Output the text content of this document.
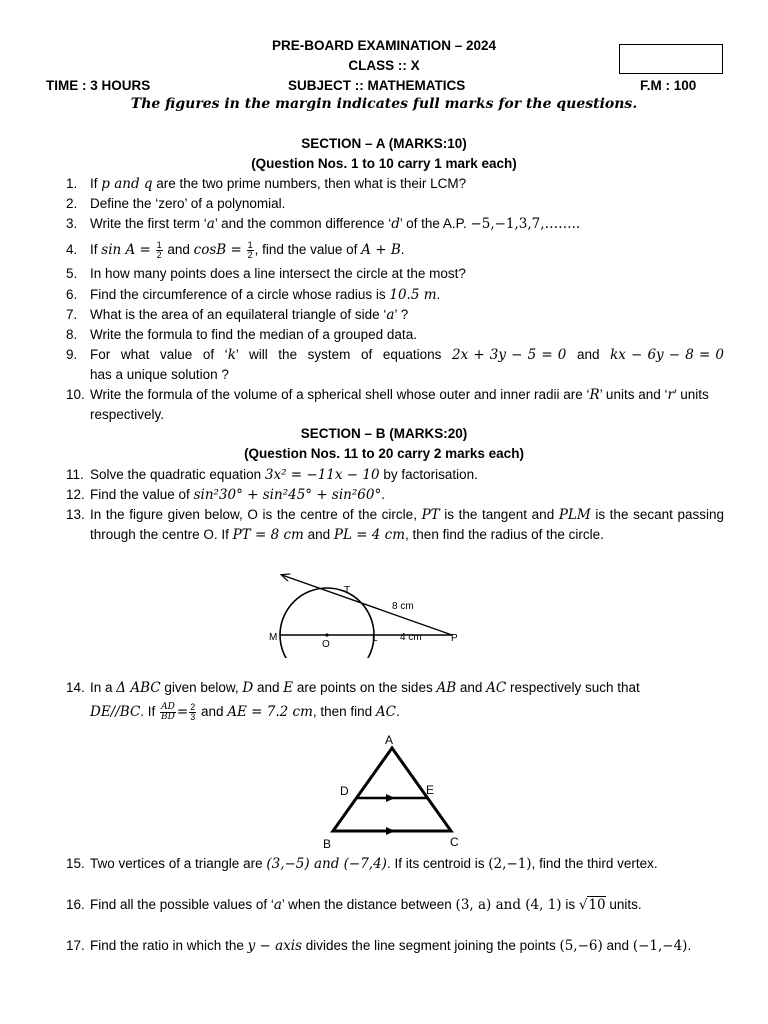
PRE-BOARD EXAMINATION – 2024
CLASS :: X
TIME : 3 HOURS	SUBJECT :: MATHEMATICS	F.M : 100
The figures in the margin indicates full marks for the questions.
SECTION – A (MARKS:10)
(Question Nos. 1 to 10 carry 1 mark each)
1. If p and q are the two prime numbers, then what is their LCM?
2. Define the ‘zero’ of a polynomial.
3. Write the first term ‘a’ and the common difference ‘d’ of the A.P. −5,−1,3,7,……..
4. If $\sin A = \frac{1}{2}$ and $\cos B = \frac{1}{2}$ , find the value of A + B.
5. In how many points does a line intersect the circle at the most?
6. Find the circumference of a circle whose radius is 10.5 m.
7. What is the area of an equilateral triangle of side ‘a’ ?
8. Write the formula to find the median of a grouped data.
9. For what value of ‘k’ will the system of equations 2x + 3y − 5 = 0 and kx − 6y − 8 = 0 has a unique solution ?
10. Write the formula of the volume of a spherical shell whose outer and inner radii are ‘R’ units and ‘r’ units respectively.
SECTION – B (MARKS:20)
(Question Nos. 11 to 20 carry 2 marks each)
11. Solve the quadratic equation 3x² = −11x − 10 by factorisation.
12. Find the value of sin²30° + sin²45° + sin²60°.
13. In the figure given below, O is the centre of the circle, PT is the tangent and PLM is the secant passing through the centre O. If PT = 8 cm and PL = 4 cm, then find the radius of the circle.
T
M
O
L	P
8 cm
4 cm
14. In a Δ ABC given below, D and E are points on the sides AB and AC respectively such that
DE//BC. If $\frac{AD}{BD} = \frac{2}{3}$ and AE = 7.2 cm, then find AC.
A
D	E
B	C
15. Two vertices of a triangle are (3,−5) and (−7,4). If its centroid is (2,−1), find the third vertex.
16. Find all the possible values of ‘a’ when the distance between (3, a) and (4, 1) is √10 units.
17. Find the ratio in which the y − axis divides the line segment joining the points (5,−6) and (−1,−4).
